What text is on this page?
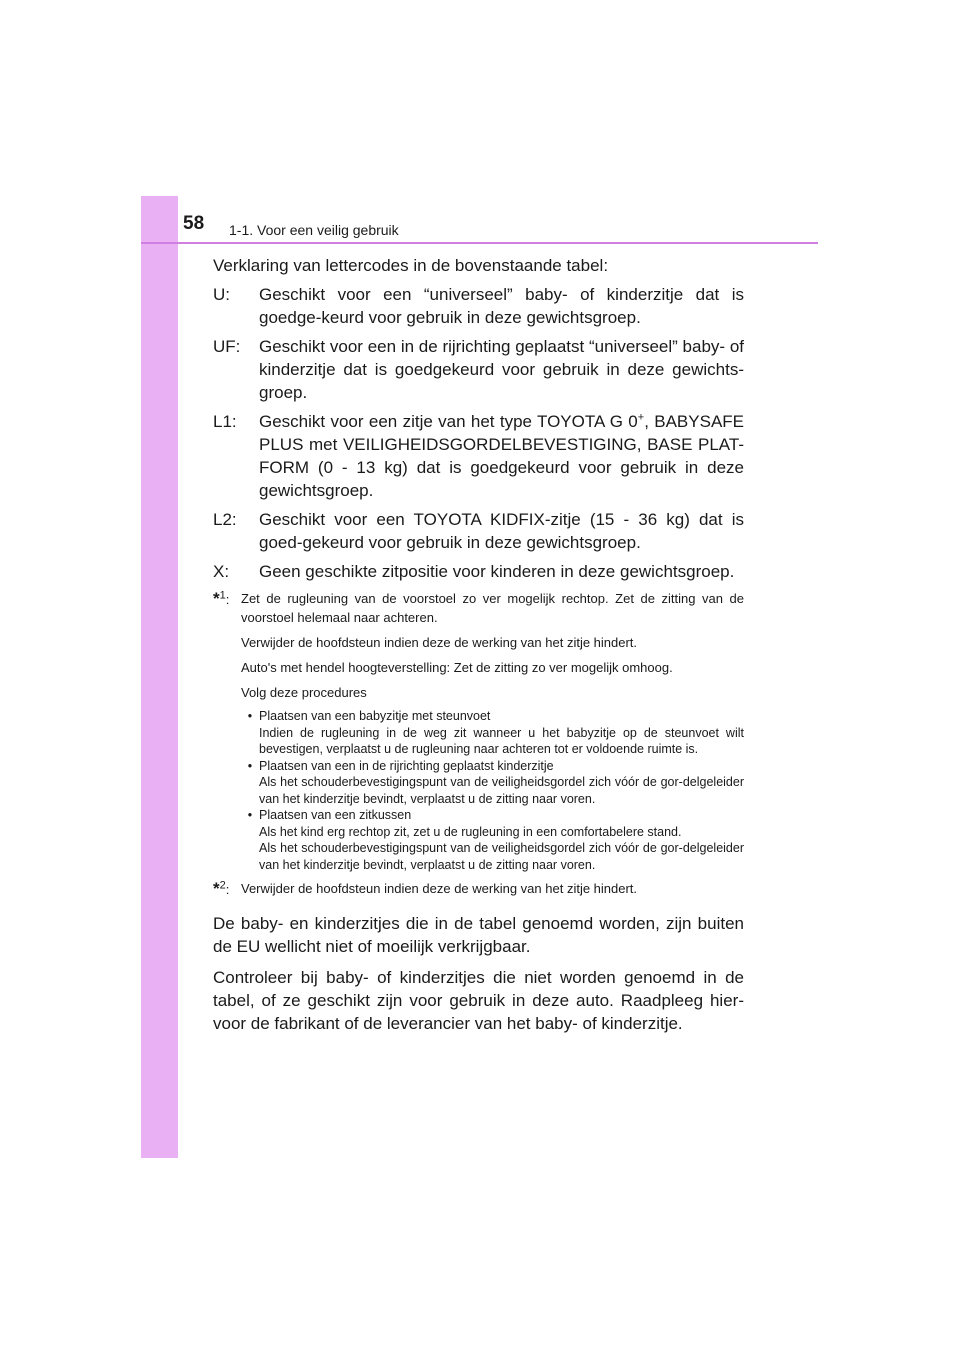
58 1-1. Voor een veilig gebruik

Verklaring van lettercodes in de bovenstaande tabel:

U:	Geschikt voor een “universeel” baby- of kinderzitje dat is goedge-keurd voor gebruik in deze gewichtsgroep.
UF:	Geschikt voor een in de rijrichting geplaatst “universeel” baby- of kinderzitje dat is goedgekeurd voor gebruik in deze gewichts-groep.
L1:	Geschikt voor een zitje van het type TOYOTA G 0+, BABYSAFE PLUS met VEILIGHEIDSGORDELBEVESTIGING, BASE PLAT-FORM (0 - 13 kg) dat is goedgekeurd voor gebruik in deze gewichtsgroep.
L2:	Geschikt voor een TOYOTA KIDFIX-zitje (15 - 36 kg) dat is goed-gekeurd voor gebruik in deze gewichtsgroep.
X:	Geen geschikte zitpositie voor kinderen in deze gewichtsgroep.
*$^1$: Zet de rugleuning van de voorstoel zo ver mogelijk rechtop. Zet de zitting van de voorstoel helemaal naar achteren.

Verwijder de hoofdsteun indien deze de werking van het zitje hindert.

Auto's met hendel hoogteverstelling: Zet de zitting zo ver mogelijk omhoog.

Volg deze procedures

• Plaatsen van een babyzitje met steunvoet
Indien de rugleuning in de weg zit wanneer u het babyzitje op de steunvoet wilt bevestigen, verplaatst u de rugleuning naar achteren tot er voldoende ruimte is.
• Plaatsen van een in de rijrichting geplaatst kinderzitje
Als het schouderbevestigingspunt van de veiligheidsgordel zich vóór de gor-delgeleider van het kinderzitje bevindt, verplaatst u de zitting naar voren.
• Plaatsen van een zitkussen
Als het kind erg rechtop zit, zet u de rugleuning in een comfortabelere stand.
Als het schouderbevestigingspunt van de veiligheidsgordel zich vóór de gor-delgeleider van het kinderzitje bevindt, verplaatst u de zitting naar voren.
*$^2$: Verwijder de hoofdsteun indien deze de werking van het zitje hindert.

De baby- en kinderzitjes die in de tabel genoemd worden, zijn buiten de EU wellicht niet of moeilijk verkrijgbaar.

Controleer bij baby- of kinderzitjes die niet worden genoemd in de tabel, of ze geschikt zijn voor gebruik in deze auto. Raadpleeg hier-voor de fabrikant of de leverancier van het baby- of kinderzitje.
